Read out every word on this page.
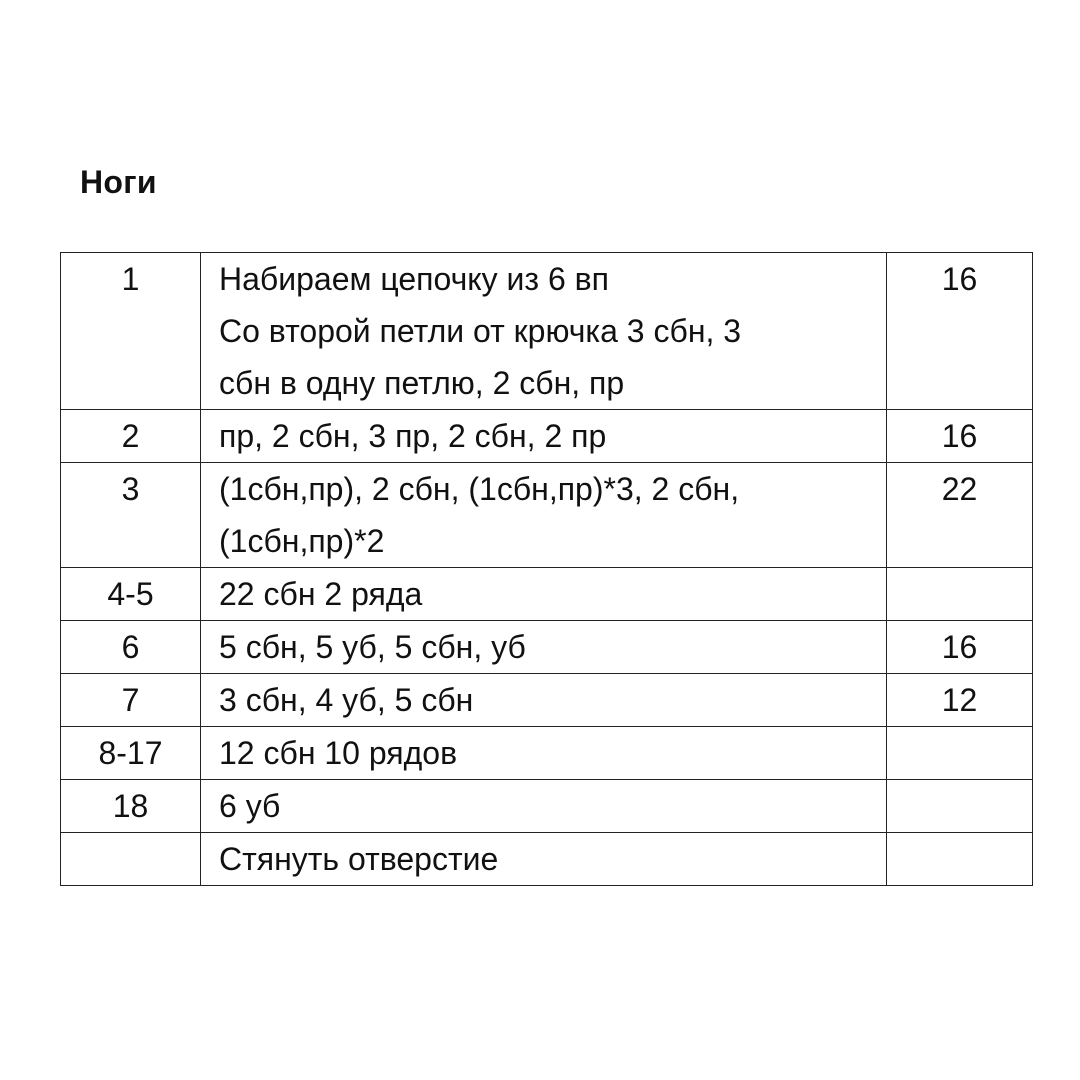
Ноги
1	Набираем цепочку из 6 вп
Со второй петли от крючка 3 сбн, 3
сбн в одну петлю, 2 сбн, пр	16
2	пр, 2 сбн, 3 пр, 2 сбн, 2 пр	16
3	(1сбн,пр), 2 сбн, (1сбн,пр)*3, 2 сбн,
(1сбн,пр)*2	22
4-5	22 сбн 2 ряда	

6	5 сбн, 5 уб, 5 сбн, уб	16
7	3 сбн, 4 уб, 5 сбн	12
8-17	12 сбн 10 рядов	

18	6 уб	

	Стянуть отверстие	
